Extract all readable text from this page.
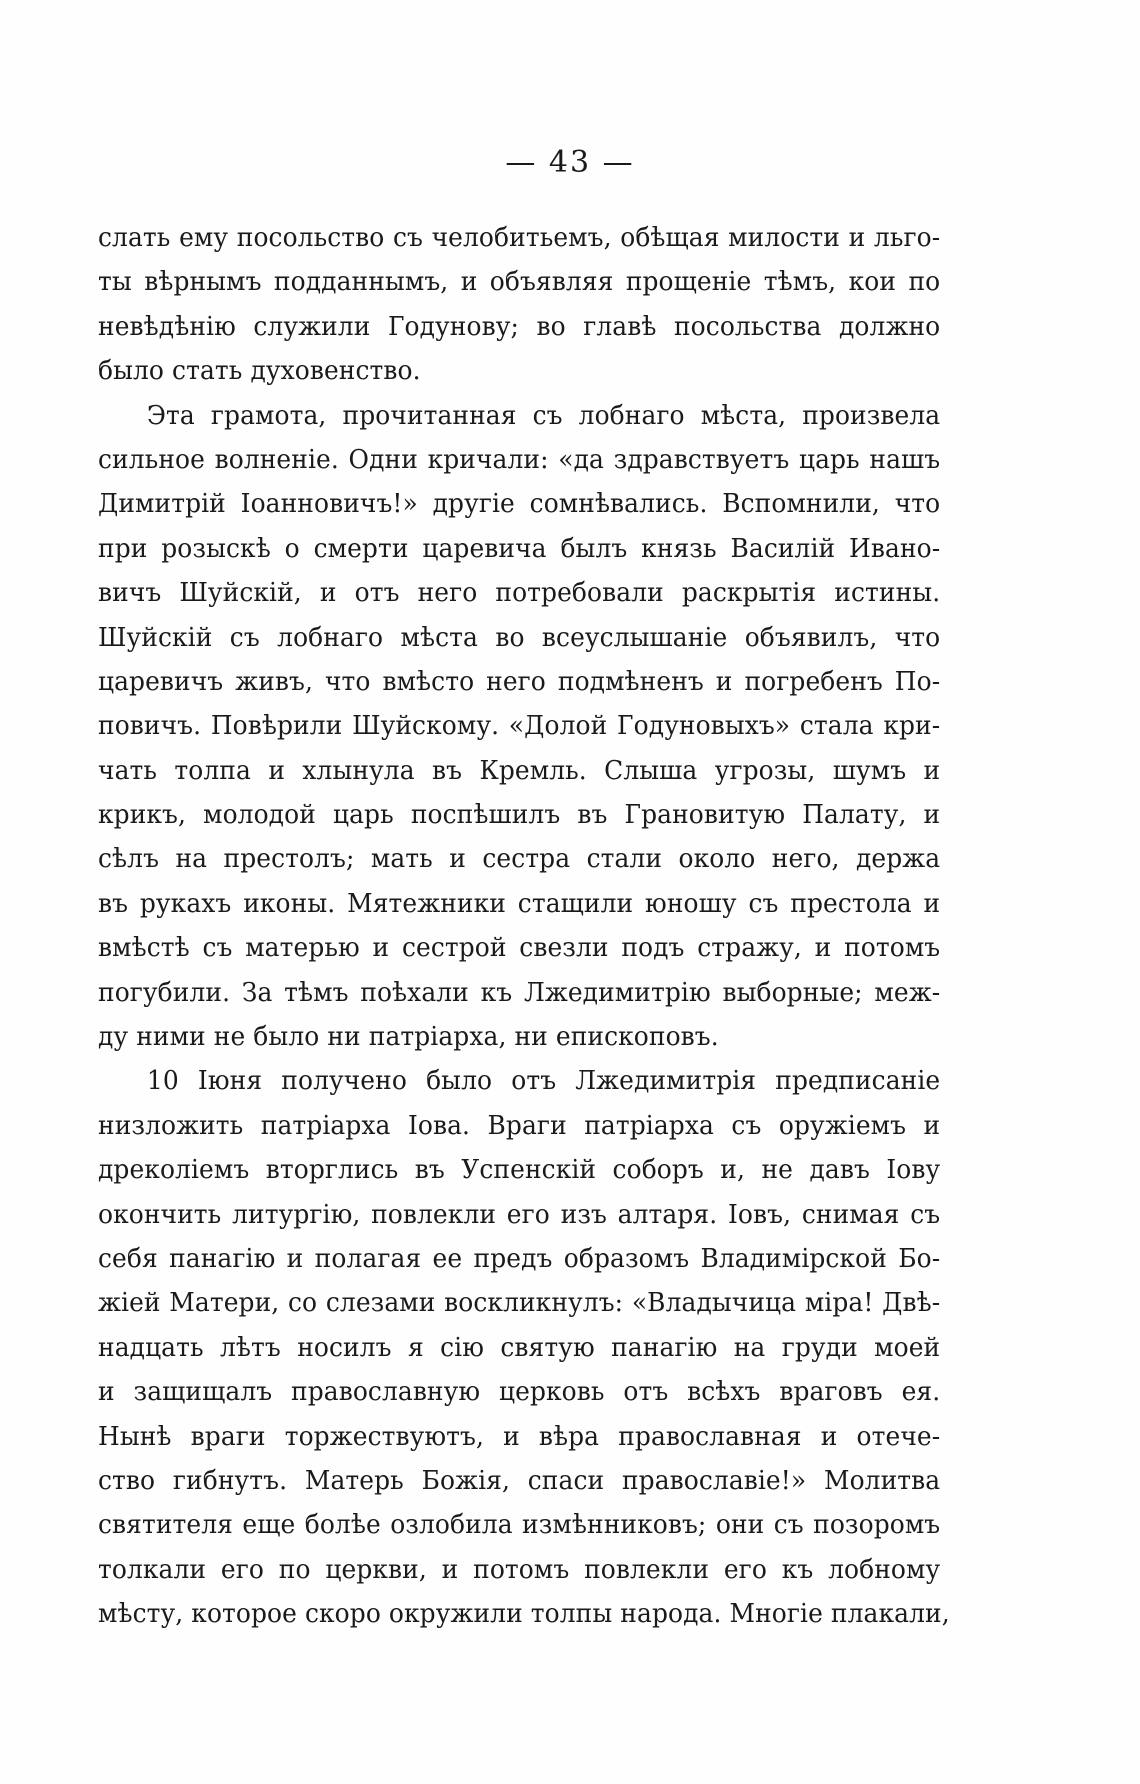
— 43 —
слать ему посольство съ челобитьемъ, обѣщая милости и льго-
ты вѣрнымъ подданнымъ, и объявляя прощеніе тѣмъ, кои по
невѣдѣнію служили Годунову; во главѣ посольства должно
было стать духовенство.
Эта грамота, прочитанная съ лобнаго мѣста, произвела
сильное волненіе. Одни кричали: «да здравствуетъ царь нашъ
Димитрій Іоанновичъ!» другіе сомнѣвались. Вспомнили, что
при розыскѣ о смерти царевича былъ князь Василій Ивано-
вичъ Шуйскій, и отъ него потребовали раскрытія истины.
Шуйскій съ лобнаго мѣста во всеуслышаніе объявилъ, что
царевичъ живъ, что вмѣсто него подмѣненъ и погребенъ По-
повичъ. Повѣрили Шуйскому. «Долой Годуновыхъ» стала кри-
чать толпа и хлынула въ Кремль. Слыша угрозы, шумъ и
крикъ, молодой царь поспѣшилъ въ Грановитую Палату, и
сѣлъ на престолъ; мать и сестра стали около него, держа
въ рукахъ иконы. Мятежники стащили юношу съ престола и
вмѣстѣ съ матерью и сестрой свезли подъ стражу, и потомъ
погубили. За тѣмъ поѣхали къ Лжедимитрію выборные; меж-
ду ними не было ни патріарха, ни епископовъ.
10 Іюня получено было отъ Лжедимитрія предписаніе
низложить патріарха Іова. Враги патріарха съ оружіемъ и
дреколіемъ вторглись въ Успенскій соборъ и, не давъ Іову
окончить литургію, повлекли его изъ алтаря. Іовъ, снимая съ
себя панагію и полагая ее предъ образомъ Владимірской Бо-
жіей Матери, со слезами воскликнулъ: «Владычица міра! Двѣ-
надцать лѣтъ носилъ я сію святую панагію на груди моей
и защищалъ православную церковь отъ всѣхъ враговъ ея.
Нынѣ враги торжествуютъ, и вѣра православная и отече-
ство гибнутъ. Матерь Божія, спаси православіе!» Молитва
святителя еще болѣе озлобила измѣнниковъ; они съ позоромъ
толкали его по церкви, и потомъ повлекли его къ лобному
мѣсту, которое скоро окружили толпы народа. Многіе плакали,
